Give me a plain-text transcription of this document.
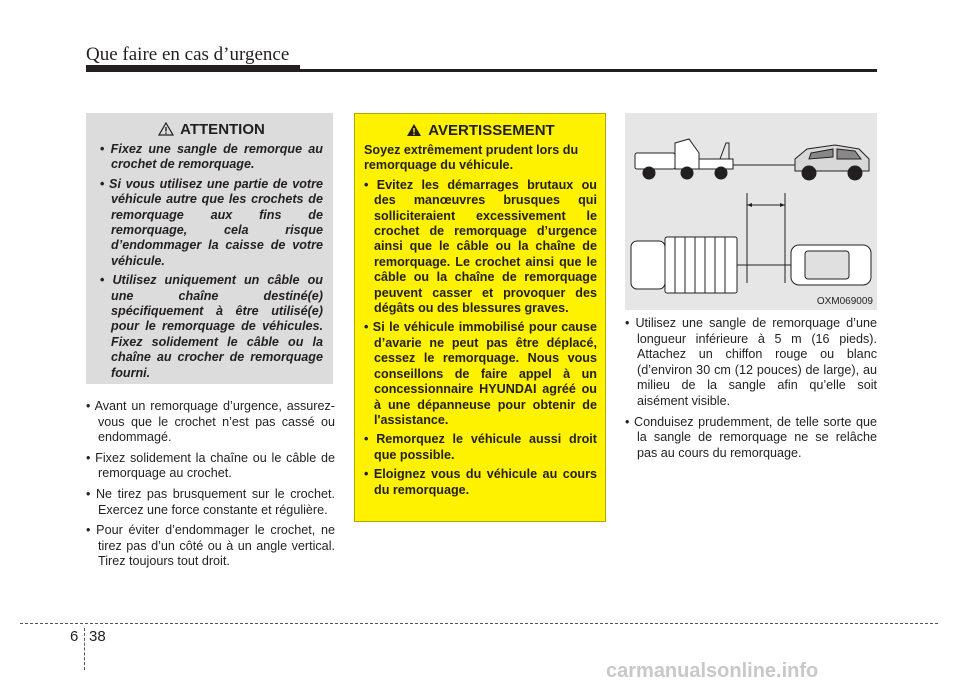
Que faire en cas d’urgence
ATTENTION
• Fixez une sangle de remorque au crochet de remorquage.
• Si vous utilisez une partie de votre véhicule autre que les crochets de remorquage aux fins de remorquage, cela risque d’endommager la caisse de votre véhicule.
• Utilisez uniquement un câble ou une chaîne destiné(e) spécifiquement à être utilisé(e) pour le remorquage de véhicules. Fixez solidement le câble ou la chaîne au crocher de remorquage fourni.
• Avant un remorquage d’urgence, assurez-vous que le crochet n’est pas cassé ou endommagé.
• Fixez solidement la chaîne ou le câble de remorquage au crochet.
• Ne tirez pas brusquement sur le crochet. Exercez une force constante et régulière.
• Pour éviter d’endommager le crochet, ne tirez pas d’un côté ou à un angle vertical. Tirez toujours tout droit.
AVERTISSEMENT
Soyez extrêmement prudent lors du remorquage du véhicule.
• Evitez les démarrages brutaux ou des manœuvres brusques qui solliciteraient excessivement le crochet de remorquage d’urgence ainsi que le câble ou la chaîne de remorquage. Le crochet ainsi que le câble ou la chaîne de remorquage peuvent casser et provoquer des dégâts ou des blessures graves.
• Si le véhicule immobilisé pour cause d’avarie ne peut pas être déplacé, cessez le remorquage. Nous vous conseillons de faire appel à un concessionnaire HYUNDAI agréé ou à une dépanneuse pour obtenir de l'assistance.
• Remorquez le véhicule aussi droit que possible.
• Eloignez vous du véhicule au cours du remorquage.
OXM069009
• Utilisez une sangle de remorquage d’une longueur inférieure à 5 m (16 pieds). Attachez un chiffon rouge ou blanc (d’environ 30 cm (12 pouces) de large), au milieu de la sangle afin qu’elle soit aisément visible.
• Conduisez prudemment, de telle sorte que la sangle de remorquage ne se relâche pas au cours du remorquage.
6 38
carmanualsonline.info
